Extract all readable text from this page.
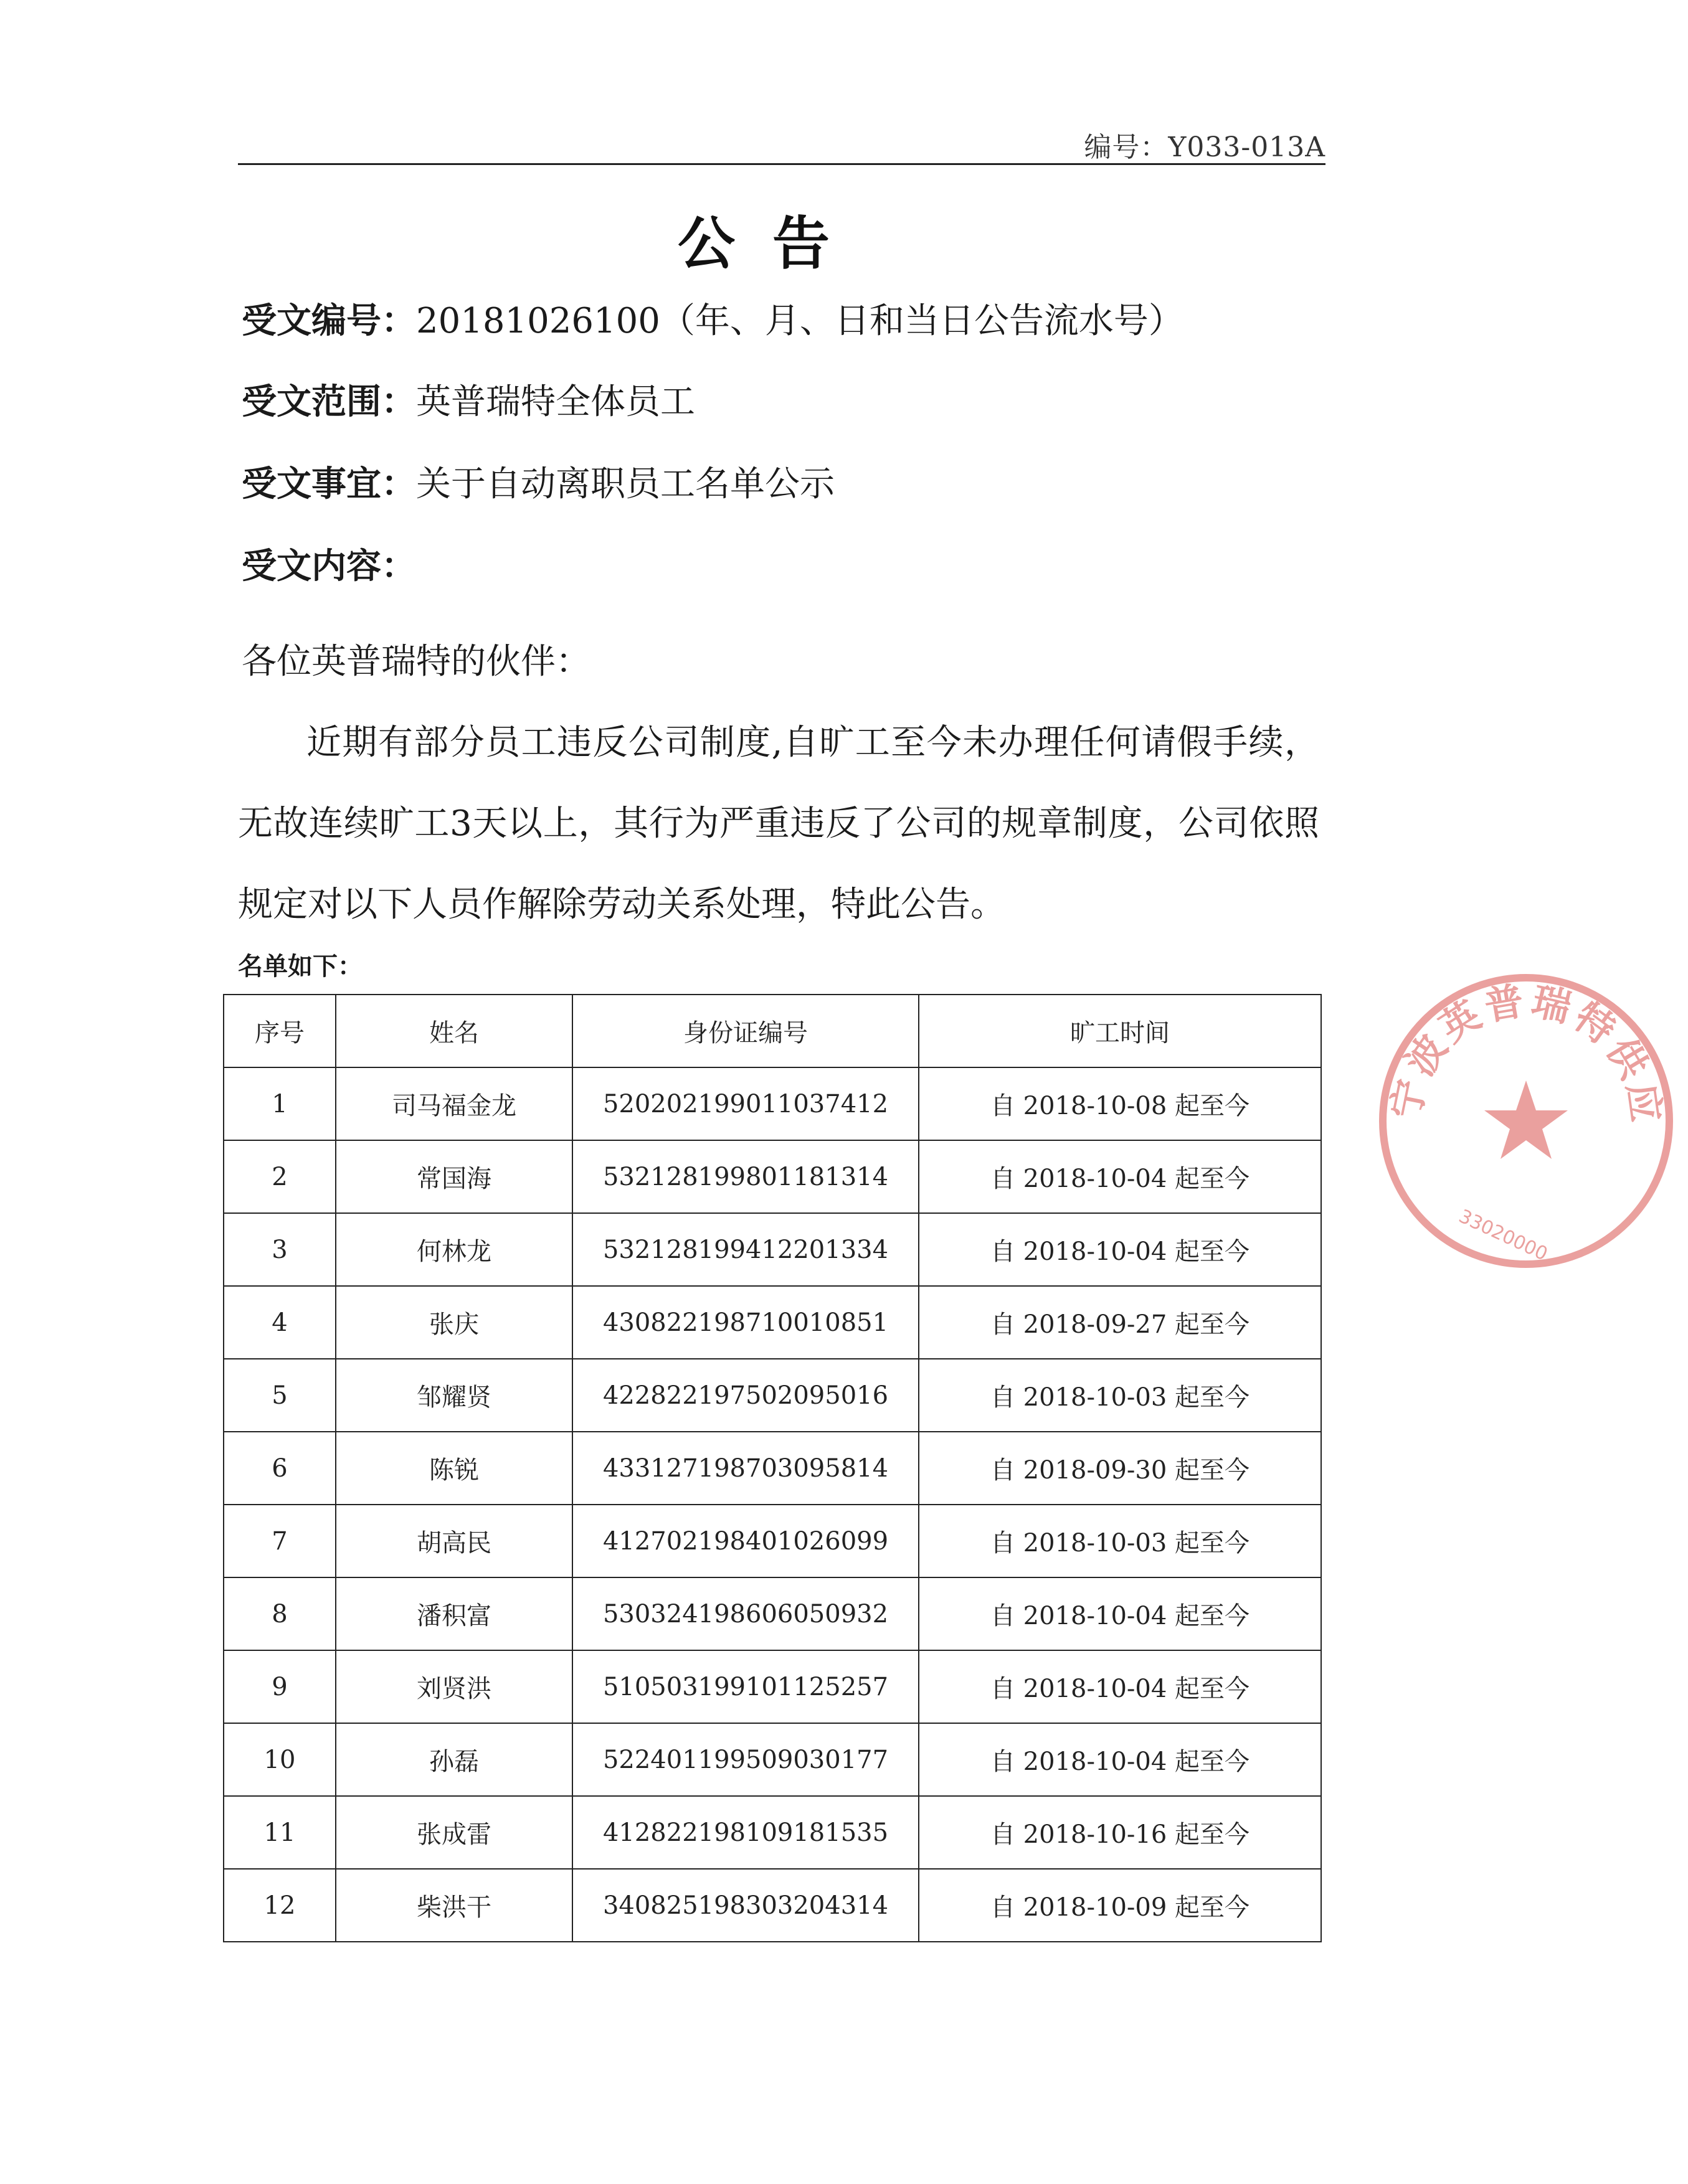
编号：Y033-013A
公告
受文编号：20181026100（年、月、日和当日公告流水号）
受文范围：英普瑞特全体员工
受文事宜：关于自动离职员工名单公示
受文内容：
各位英普瑞特的伙伴：
近期有部分员工违反公司制度,自旷工至今未办理任何请假手续，无故连续旷工3天以上，其行为严重违反了公司的规章制度，公司依照规定对以下人员作解除劳动关系处理，特此公告。
名单如下：
序号	姓名	身份证编号	旷工时间
1	司马福金龙	520202199011037412	自 2018-10-08 起至今
2	常国海	532128199801181314	自 2018-10-04 起至今
3	何林龙	532128199412201334	自 2018-10-04 起至今
4	张庆	430822198710010851	自 2018-09-27 起至今
5	邹耀贤	422822197502095016	自 2018-10-03 起至今
6	陈锐	433127198703095814	自 2018-09-30 起至今
7	胡高民	412702198401026099	自 2018-10-03 起至今
8	潘积富	530324198606050932	自 2018-10-04 起至今
9	刘贤洪	510503199101125257	自 2018-10-04 起至今
10	孙磊	522401199509030177	自 2018-10-04 起至今
11	张成雷	412822198109181535	自 2018-10-16 起至今
12	柴洪干	340825198303204314	自 2018-10-09 起至今
宁波英普瑞特供应
33020000
